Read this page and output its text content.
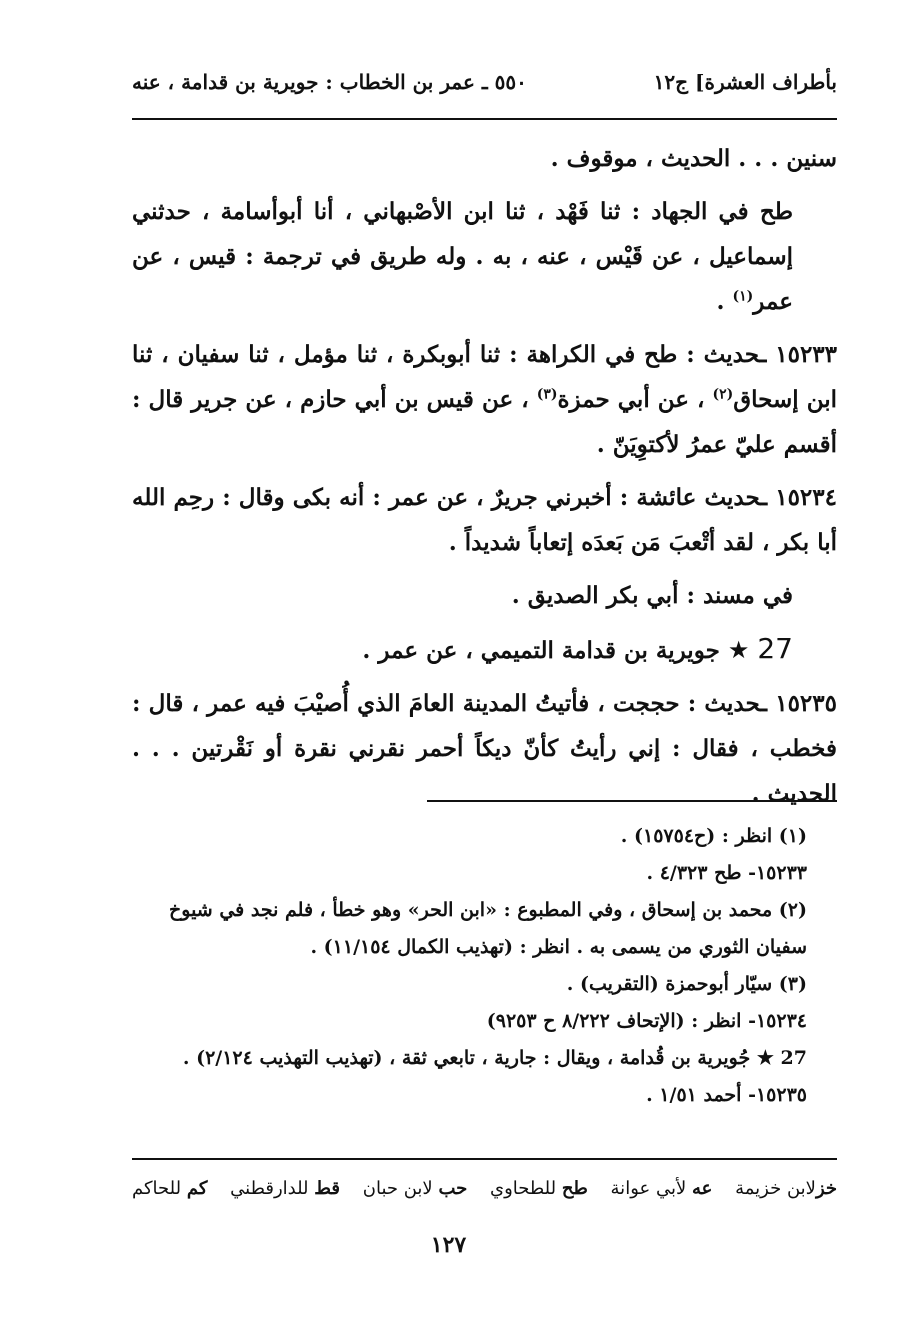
بأطراف العشرة] ج١٢
٥٥٠ ـ عمر بن الخطاب : جويرية بن قدامة ، عنه

سنين . . . الحديث ، موقوف .

طح في الجهاد : ثنا فَهْد ، ثنا ابن الأصْبهاني ، أنا أبوأسامة ، حدثني إسماعيل ، عن قَيْس ، عنه ، به . وله طريق في ترجمة : قيس ، عن عمر$^{(١)}$ .

١٥٢٣٣ ـحديث : طح في الكراهة : ثنا أبوبكرة ، ثنا مؤمل ، ثنا سفيان ، ثنا ابن إسحاق$^{(٢)}$ ، عن أبي حمزة$^{(٣)}$ ، عن قيس بن أبي حازم ، عن جرير قال : أقسم عليّ عمرُ لأكتوِيَنّ .

١٥٢٣٤ ـحديث عائشة : أخبرني جريرٌ ، عن عمر : أنه بكى وقال : رحِم الله أبا بكر ، لقد أتْعبَ مَن بَعدَه إتعاباً شديداً .

في مسند : أبي بكر الصديق .

27 ★ جويرية بن قدامة التميمي ، عن عمر .

١٥٢٣٥ ـحديث : حججت ، فأتيتُ المدينة العامَ الذي أُصيْبَ فيه عمر ، قال : فخطب ، فقال : إني رأيتُ كأنّ ديكاً أحمر نقرني نقرة أو نَقْرتين . . . الحديث .

(١) انظر : (ح١٥٧٥٤) .

١٥٢٣٣- طح ٤/٣٢٣ .

(٢) محمد بن إسحاق ، وفي المطبوع : «ابن الحر» وهو خطأ ، فلم نجد في شيوخ سفيان الثوري من يسمى به . انظر : (تهذيب الكمال ١١/١٥٤) .

(٣) سيّار أبوحمزة (التقريب) .

١٥٢٣٤- انظر : (الإتحاف ٨/٢٢٢ ح ٩٢٥٣)

27 ★ جُويرية بن قُدامة ، ويقال : جارية ، تابعي ثقة ، (تهذيب التهذيب ٢/١٢٤) .

١٥٢٣٥- أحمد ١/٥١ .

خزلابن خزيمة
عه لأبي عوانة
طح للطحاوي
حب لابن حبان
قط للدارقطني
كم للحاكم
١٢٧
